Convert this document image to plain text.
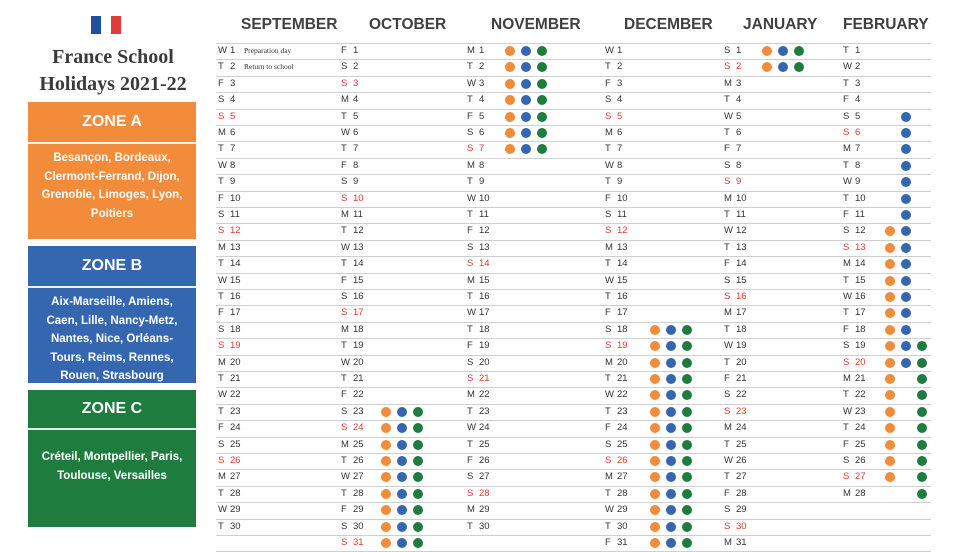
France School
Holidays 2021-22
ZONE A
Besançon, Bordeaux, Clermont-Ferrand, Dijon, Grenoble, Limoges, Lyon, Poitiers
ZONE B
Aix-Marseille, Amiens, Caen, Lille, Nancy-Metz, Nantes, Nice, Orléans-Tours, Reims, Rennes, Rouen, Strasbourg
ZONE C
Créteil, Montpellier, Paris, Toulouse, Versailles
SEPTEMBER
W 1 Preparation day
T 2 Return to school
F 3
S 4
S 5
M 6
T 7
W 8
T 9
F 10
S 11
S 12
M 13
T 14
W 15
T 16
F 17
S 18
S 19
M 20
T 21
W 22
T 23
F 24
S 25
S 26
M 27
T 28
W 29
T 30
OCTOBER
F 1
S 2
S 3
M 4
T 5
W 6
T 7
F 8
S 9
S 10
M 11
T 12
W 13
T 14
F 15
S 16
S 17
M 18
T 19
W 20
T 21
F 22
S 23
S 24
M 25
T 26
W 27
T 28
F 29
S 30
S 31
NOVEMBER
M 1
T 2
W 3
T 4
F 5
S 6
S 7
M 8
T 9
W 10
T 11
F 12
S 13
S 14
M 15
T 16
W 17
T 18
F 19
S 20
S 21
M 22
T 23
W 24
T 25
F 26
S 27
S 28
M 29
T 30
DECEMBER
W 1
T 2
F 3
S 4
S 5
M 6
T 7
W 8
T 9
F 10
S 11
S 12
M 13
T 14
W 15
T 16
F 17
S 18
S 19
M 20
T 21
W 22
T 23
F 24
S 25
S 26
M 27
T 28
W 29
T 30
F 31
JANUARY
S 1
S 2
M 3
T 4
W 5
T 6
F 7
S 8
S 9
M 10
T 11
W 12
T 13
F 14
S 15
S 16
M 17
T 18
W 19
T 20
F 21
S 22
S 23
M 24
T 25
W 26
T 27
F 28
S 29
S 30
M 31
FEBRUARY
T 1
W 2
T 3
F 4
S 5
S 6
M 7
T 8
W 9
T 10
F 11
S 12
S 13
M 14
T 15
W 16
T 17
F 18
S 19
S 20
M 21
T 22
W 23
T 24
F 25
S 26
S 27
M 28
